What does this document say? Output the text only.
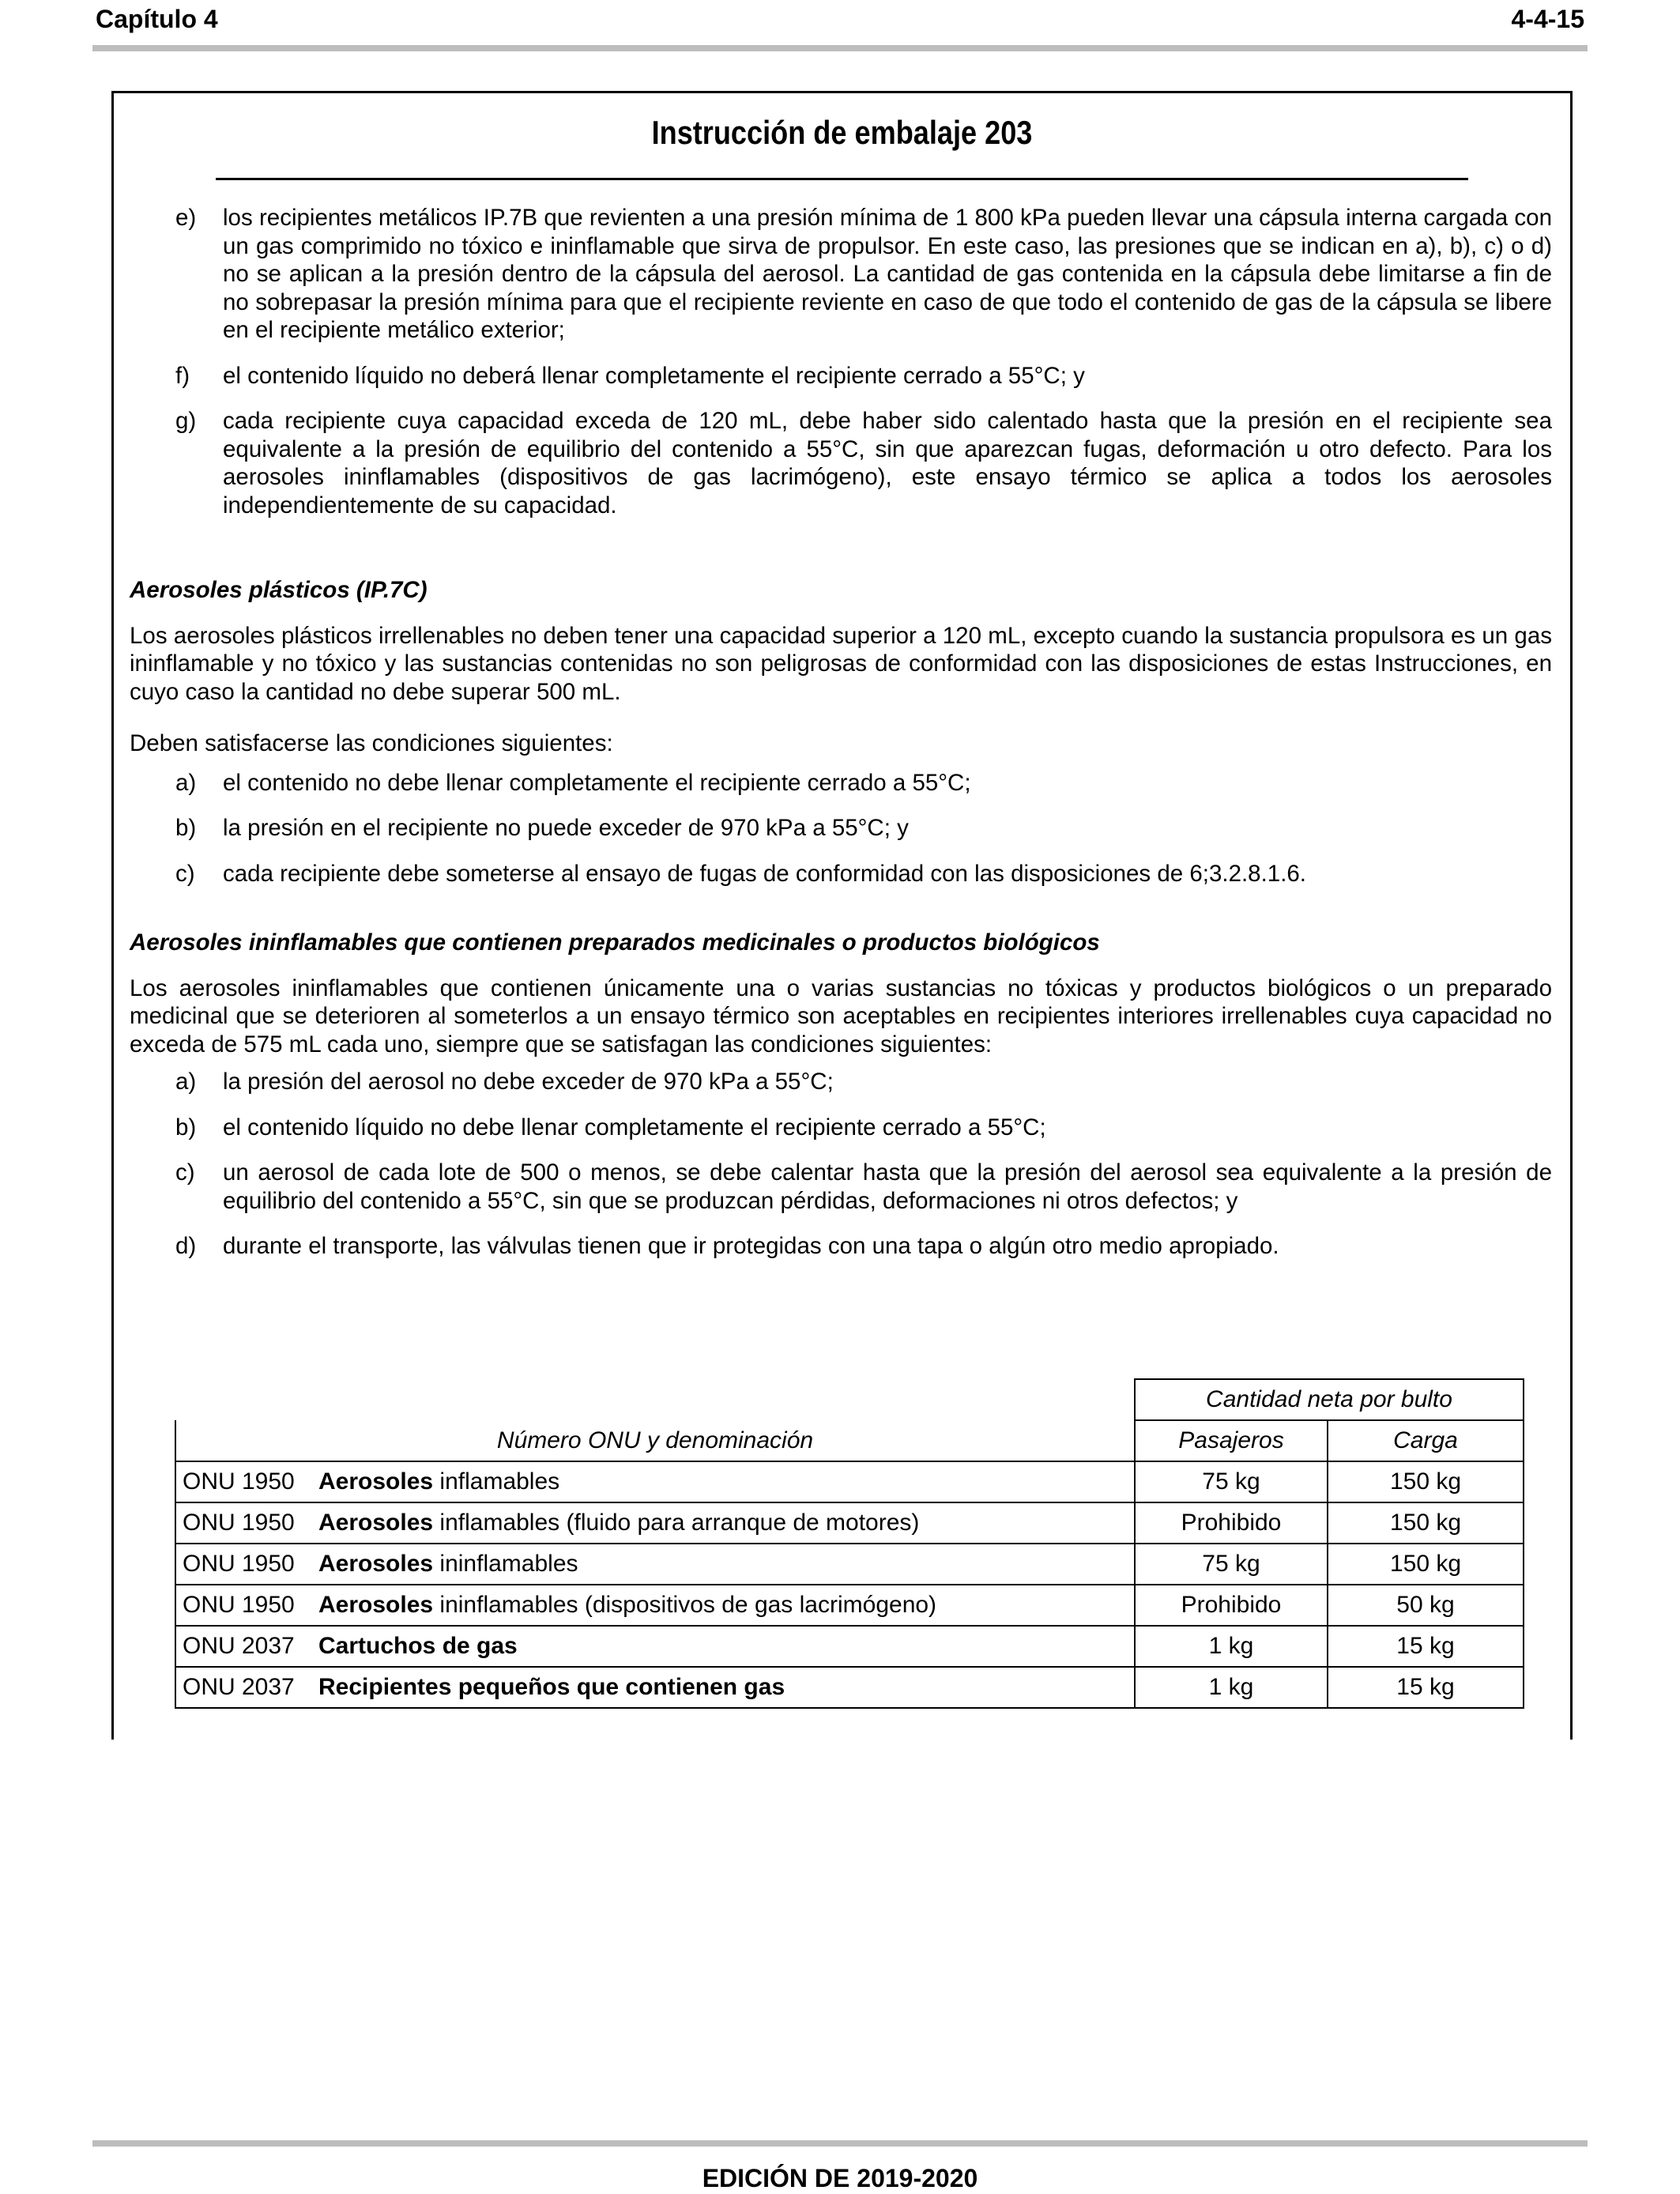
Capítulo 4	4-4-15
Instrucción de embalaje 203
e) los recipientes metálicos IP.7B que revienten a una presión mínima de 1 800 kPa pueden llevar una cápsula interna cargada con un gas comprimido no tóxico e ininflamable que sirva de propulsor. En este caso, las presiones que se indican en a), b), c) o d) no se aplican a la presión dentro de la cápsula del aerosol. La cantidad de gas contenida en la cápsula debe limitarse a fin de no sobrepasar la presión mínima para que el recipiente reviente en caso de que todo el contenido de gas de la cápsula se libere en el recipiente metálico exterior;
f) el contenido líquido no deberá llenar completamente el recipiente cerrado a 55°C; y
g) cada recipiente cuya capacidad exceda de 120 mL, debe haber sido calentado hasta que la presión en el recipiente sea equivalente a la presión de equilibrio del contenido a 55°C, sin que aparezcan fugas, deformación u otro defecto. Para los aerosoles ininflamables (dispositivos de gas lacrimógeno), este ensayo térmico se aplica a todos los aerosoles independientemente de su capacidad.
Aerosoles plásticos (IP.7C)
Los aerosoles plásticos irrellenables no deben tener una capacidad superior a 120 mL, excepto cuando la sustancia propulsora es un gas ininflamable y no tóxico y las sustancias contenidas no son peligrosas de conformidad con las disposiciones de estas Instrucciones, en cuyo caso la cantidad no debe superar 500 mL.
Deben satisfacerse las condiciones siguientes:
a) el contenido no debe llenar completamente el recipiente cerrado a 55°C;
b) la presión en el recipiente no puede exceder de 970 kPa a 55°C; y
c) cada recipiente debe someterse al ensayo de fugas de conformidad con las disposiciones de 6;3.2.8.1.6.
Aerosoles ininflamables que contienen preparados medicinales o productos biológicos
Los aerosoles ininflamables que contienen únicamente una o varias sustancias no tóxicas y productos biológicos o un preparado medicinal que se deterioren al someterlos a un ensayo térmico son aceptables en recipientes interiores irrellenables cuya capacidad no exceda de 575 mL cada uno, siempre que se satisfagan las condiciones siguientes:
a) la presión del aerosol no debe exceder de 970 kPa a 55°C;
b) el contenido líquido no debe llenar completamente el recipiente cerrado a 55°C;
c) un aerosol de cada lote de 500 o menos, se debe calentar hasta que la presión del aerosol sea equivalente a la presión de equilibrio del contenido a 55°C, sin que se produzcan pérdidas, deformaciones ni otros defectos; y
d) durante el transporte, las válvulas tienen que ir protegidas con una tapa o algún otro medio apropiado.
	Cantidad neta por bulto	
Número ONU y denominación	Pasajeros	Carga
ONU 1950 Aerosoles inflamables	75 kg	150 kg
ONU 1950 Aerosoles inflamables (fluido para arranque de motores)	Prohibido	150 kg
ONU 1950 Aerosoles ininflamables	75 kg	150 kg
ONU 1950 Aerosoles ininflamables (dispositivos de gas lacrimógeno)	Prohibido	50 kg
ONU 2037 Cartuchos de gas	1 kg	15 kg
ONU 2037 Recipientes pequeños que contienen gas	1 kg	15 kg
EDICIÓN DE 2019-2020
